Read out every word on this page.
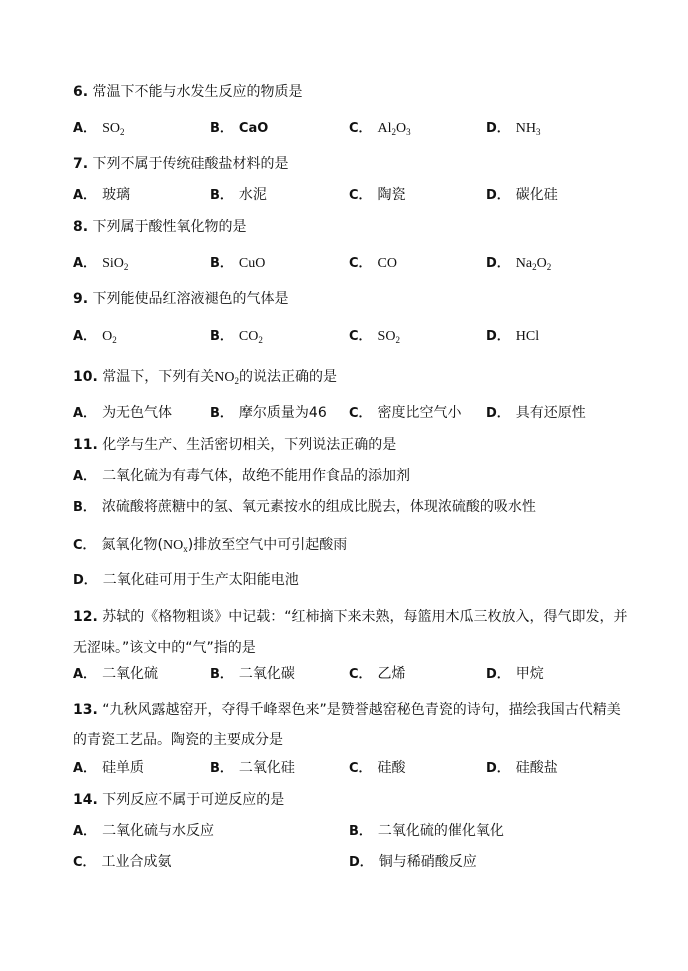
6. 常温下不能与水发生反应的物质是
A． $SO_2$	B． CaO	C． $Al_2O_3$	D． $NH_3$
7. 下列不属于传统硅酸盐材料的是
A． 玻璃	B． 水泥	C． 陶瓷	D． 碳化硅
8. 下列属于酸性氧化物的是
A． SiO$_2$	B． CuO	C． CO	D． $Na_2O_2$
9. 下列能使品红溶液褪色的气体是
A． $O_2$	B． $CO_2$	C． $SO_2$	D． HCl
10. 常温下，下列有关$NO_2$的说法正确的是
A． 为无色气体	B． 摩尔质量为46 C． 密度比空气小 D． 具有还原性
11. 化学与生产、生活密切相关，下列说法正确的是
A． 二氧化硫为有毒气体，故绝不能用作食品的添加剂
B． 浓硫酸将蔗糖中的氢、氧元素按水的组成比脱去，体现浓硫酸的吸水性
C． 氮氧化物$(NO_x)$排放至空气中可引起酸雨
D． 二氧化硅可用于生产太阳能电池
12. 苏轼的《格物粗谈》中记载：“红柿摘下来未熟，每篮用木瓜三枚放入，得气即发，并无涩味。”该文中的“气”指的是
A． 二氧化硫	B． 二氧化碳	C． 乙烯	D． 甲烷
13. “九秋风露越窑开，夺得千峰翠色来”是赞誉越窑秘色青瓷的诗句，描绘我国古代精美的青瓷工艺品。陶瓷的主要成分是
A． 硅单质	B． 二氧化硅	C． 硅酸	D． 硅酸盐
14. 下列反应不属于可逆反应的是
A． 二氧化硫与水反应	B． 二氧化硫的催化氧化
C． 工业合成氨	D． 铜与稀硝酸反应
